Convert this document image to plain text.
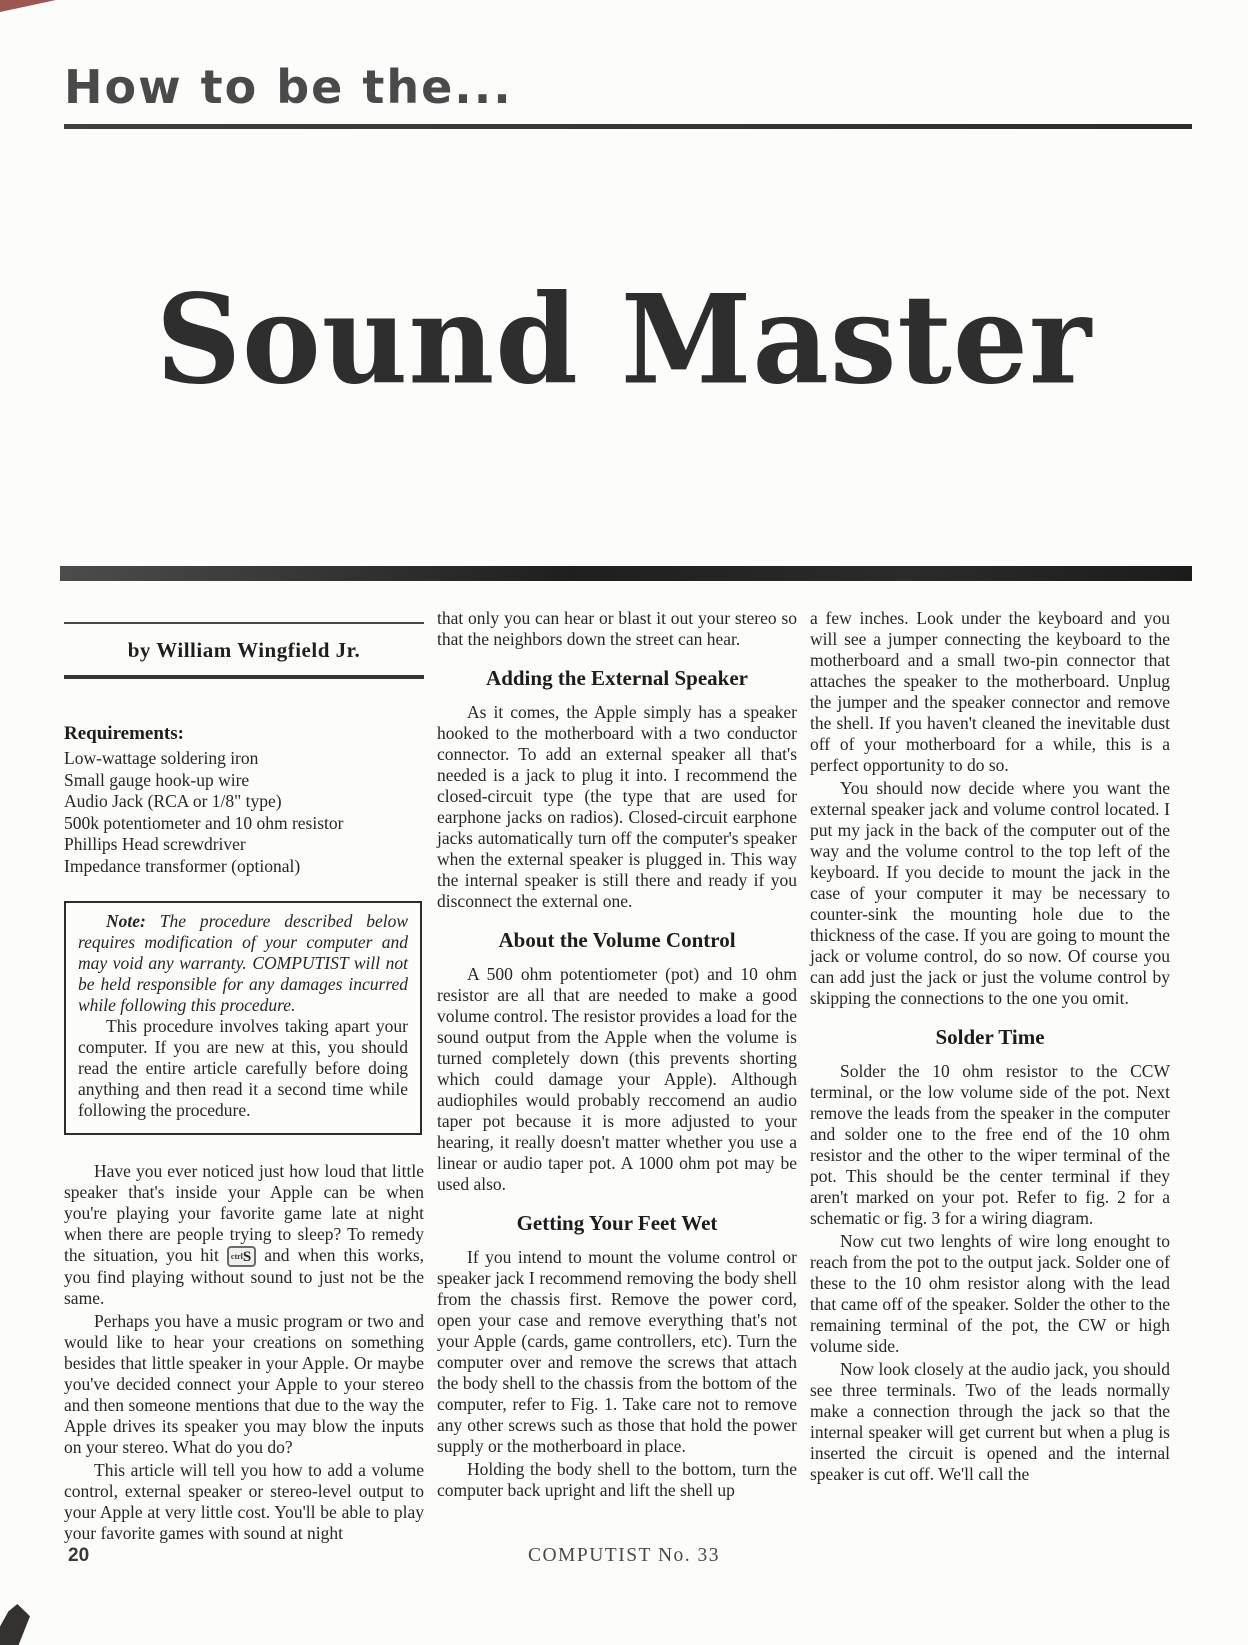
How to be the...
Sound Master
by William Wingfield Jr.
Requirements:
Low-wattage soldering iron
Small gauge hook-up wire
Audio Jack (RCA or 1/8" type)
500k potentiometer and 10 ohm resistor
Phillips Head screwdriver
Impedance transformer (optional)

Note: The procedure described below requires modification of your computer and may void any warranty. COMPUTIST will not be held responsible for any damages incurred while following this procedure.

This procedure involves taking apart your computer. If you are new at this, you should read the entire article carefully before doing anything and then read it a second time while following the procedure.

Have you ever noticed just how loud that little speaker that's inside your Apple can be when you're playing your favorite game late at night when there are people trying to sleep? To remedy the situation, you hit ctrlS and when this works, you find playing without sound to just not be the same.

Perhaps you have a music program or two and would like to hear your creations on something besides that little speaker in your Apple. Or maybe you've decided connect your Apple to your stereo and then someone mentions that due to the way the Apple drives its speaker you may blow the inputs on your stereo. What do you do?

This article will tell you how to add a volume control, external speaker or stereo-level output to your Apple at very little cost. You'll be able to play your favorite games with sound at night

that only you can hear or blast it out your stereo so that the neighbors down the street can hear.

Adding the External Speaker

As it comes, the Apple simply has a speaker hooked to the motherboard with a two conductor connector. To add an external speaker all that's needed is a jack to plug it into. I recommend the closed-circuit type (the type that are used for earphone jacks on radios). Closed-circuit earphone jacks automatically turn off the computer's speaker when the external speaker is plugged in. This way the internal speaker is still there and ready if you disconnect the external one.

About the Volume Control

A 500 ohm potentiometer (pot) and 10 ohm resistor are all that are needed to make a good volume control. The resistor provides a load for the sound output from the Apple when the volume is turned completely down (this prevents shorting which could damage your Apple). Although audiophiles would probably reccomend an audio taper pot because it is more adjusted to your hearing, it really doesn't matter whether you use a linear or audio taper pot. A 1000 ohm pot may be used also.

Getting Your Feet Wet

If you intend to mount the volume control or speaker jack I recommend removing the body shell from the chassis first. Remove the power cord, open your case and remove everything that's not your Apple (cards, game controllers, etc). Turn the computer over and remove the screws that attach the body shell to the chassis from the bottom of the computer, refer to Fig. 1. Take care not to remove any other screws such as those that hold the power supply or the motherboard in place.

Holding the body shell to the bottom, turn the computer back upright and lift the shell up

a few inches. Look under the keyboard and you will see a jumper connecting the keyboard to the motherboard and a small two-pin connector that attaches the speaker to the motherboard. Unplug the jumper and the speaker connector and remove the shell. If you haven't cleaned the inevitable dust off of your motherboard for a while, this is a perfect opportunity to do so.

You should now decide where you want the external speaker jack and volume control located. I put my jack in the back of the computer out of the way and the volume control to the top left of the keyboard. If you decide to mount the jack in the case of your computer it may be necessary to counter-sink the mounting hole due to the thickness of the case. If you are going to mount the jack or volume control, do so now. Of course you can add just the jack or just the volume control by skipping the connections to the one you omit.

Solder Time

Solder the 10 ohm resistor to the CCW terminal, or the low volume side of the pot. Next remove the leads from the speaker in the computer and solder one to the free end of the 10 ohm resistor and the other to the wiper terminal of the pot. This should be the center terminal if they aren't marked on your pot. Refer to fig. 2 for a schematic or fig. 3 for a wiring diagram.

Now cut two lenghts of wire long enought to reach from the pot to the output jack. Solder one of these to the 10 ohm resistor along with the lead that came off of the speaker. Solder the other to the remaining terminal of the pot, the CW or high volume side.

Now look closely at the audio jack, you should see three terminals. Two of the leads normally make a connection through the jack so that the internal speaker will get current but when a plug is inserted the circuit is opened and the internal speaker is cut off. We'll call the

20	COMPUTIST No. 33
